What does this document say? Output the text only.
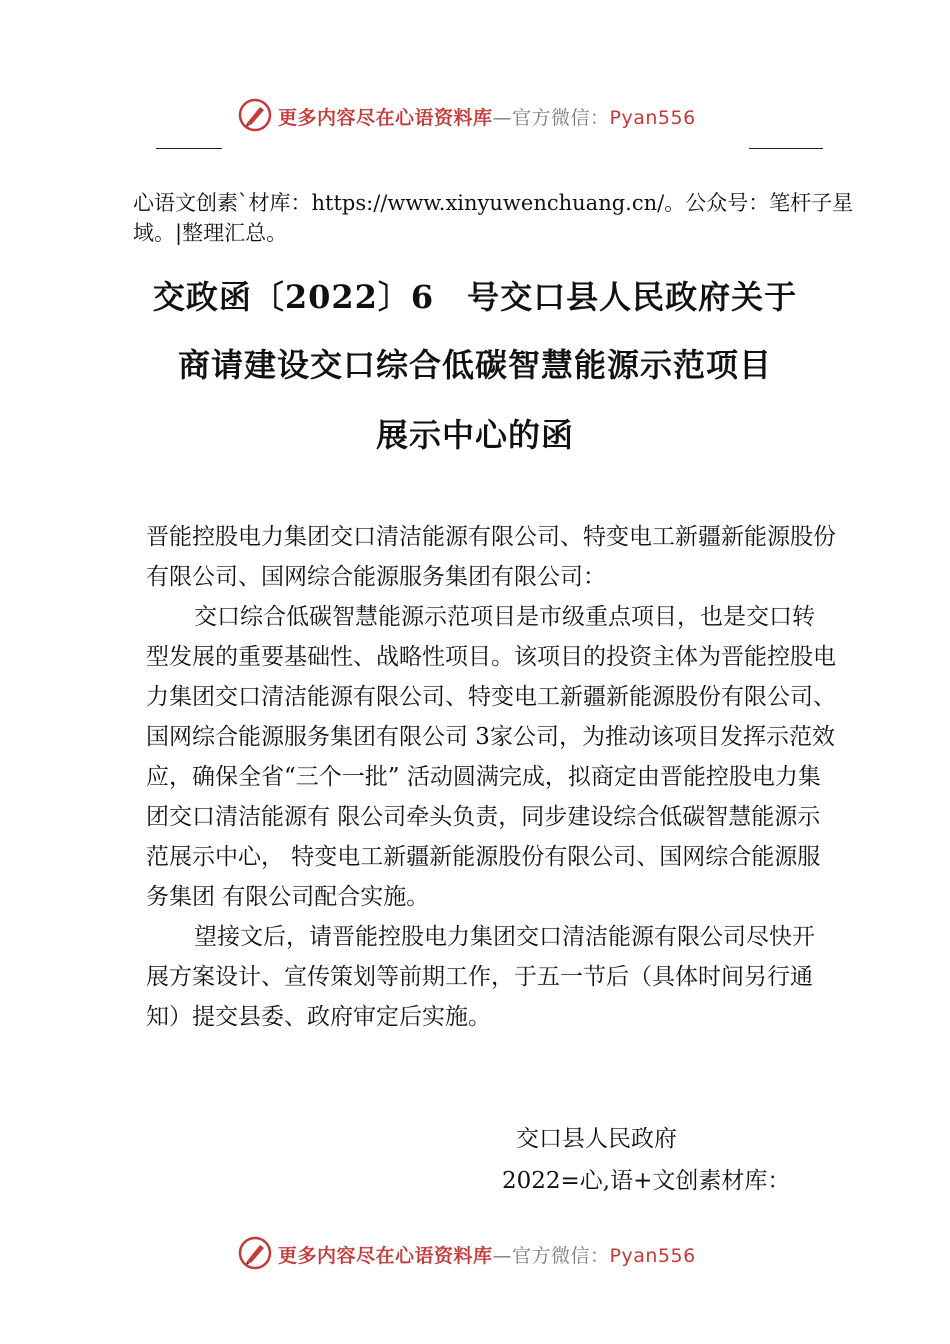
更多内容尽在心语资料库—官方微信：Pyan556
心语文创素`材库：https://www.xinyuwenchuang.cn/。公众号：笔杆子星域。|整理汇总。
交政函〔2022〕6　号交口县人民政府关于
商请建设交口综合低碳智慧能源示范项目
展示中心的函

晋能控股电力集团交口清洁能源有限公司、特变电工新疆新能源股份有限公司、国网综合能源服务集团有限公司：

交口综合低碳智慧能源示范项目是市级重点项目，也是交口转型发展的重要基础性、战略性项目。该项目的投资主体为晋能控股电力集团交口清洁能源有限公司、特变电工新疆新能源股份有限公司、国网综合能源服务集团有限公司 3家公司，为推动该项目发挥示范效应，确保全省“三个一批” 活动圆满完成，拟商定由晋能控股电力集团交口清洁能源有 限公司牵头负责，同步建设综合低碳智慧能源示范展示中心， 特变电工新疆新能源股份有限公司、国网综合能源服务集团 有限公司配合实施。

望接文后，请晋能控股电力集团交口清洁能源有限公司尽快开展方案设计、宣传策划等前期工作，于五一节后（具体时间另行通知）提交县委、政府审定后实施。

交口县人民政府
2022=心,语+文创素材库：
更多内容尽在心语资料库—官方微信：Pyan556
